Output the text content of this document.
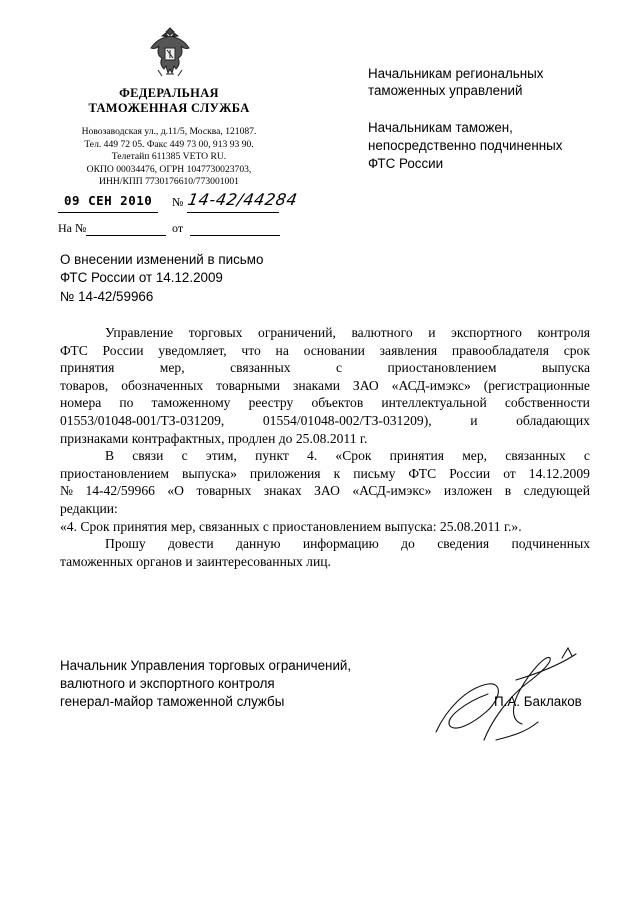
ФЕДЕРАЛЬНАЯ
ТАМОЖЕННАЯ СЛУЖБА
Новозаводская ул., д.11/5, Москва, 121087.
Тел. 449 72 05. Факс 449 73 00, 913 93 90.
Телетайп 611385 VETO RU.
ОКПО 00034476, ОГРН 1047730023703,
ИНН/КПП 7730176610/773001001
09 СЕН 2010 № 14-42/44284
На №	от
Начальникам региональных
таможенных управлений
Начальникам таможен,
непосредственно подчиненных
ФТС России
О внесении изменений в письмо
ФТС России от 14.12.2009
№ 14-42/59966
Управление торговых ограничений, валютного и экспортного контроля
ФТС России уведомляет, что на основании заявления правообладателя срок
принятия	мер,	связанных	с	приостановлением	выпуска
товаров, обозначенных товарными знаками ЗАО «АСД-имэкс» (регистрационные
номера по таможенному реестру объектов интеллектуальной собственности
01553/01048-001/ТЗ-031209,	01554/01048-002/ТЗ-031209),	и	обладающих
признаками контрафактных, продлен до 25.08.2011 г.
В связи с этим, пункт 4. «Срок принятия мер, связанных с
приостановлением выпуска» приложения к письму ФТС России от 14.12.2009
№ 14-42/59966 «О товарных знаках ЗАО «АСД-имэкс» изложен в следующей
редакции:
«4. Срок принятия мер, связанных с приостановлением выпуска: 25.08.2011 г.».
Прошу довести данную информацию до сведения подчиненных
таможенных органов и заинтересованных лиц.
Начальник Управления торговых ограничений,
валютного и экспортного контроля
генерал-майор таможенной службы	П.А. Баклаков
